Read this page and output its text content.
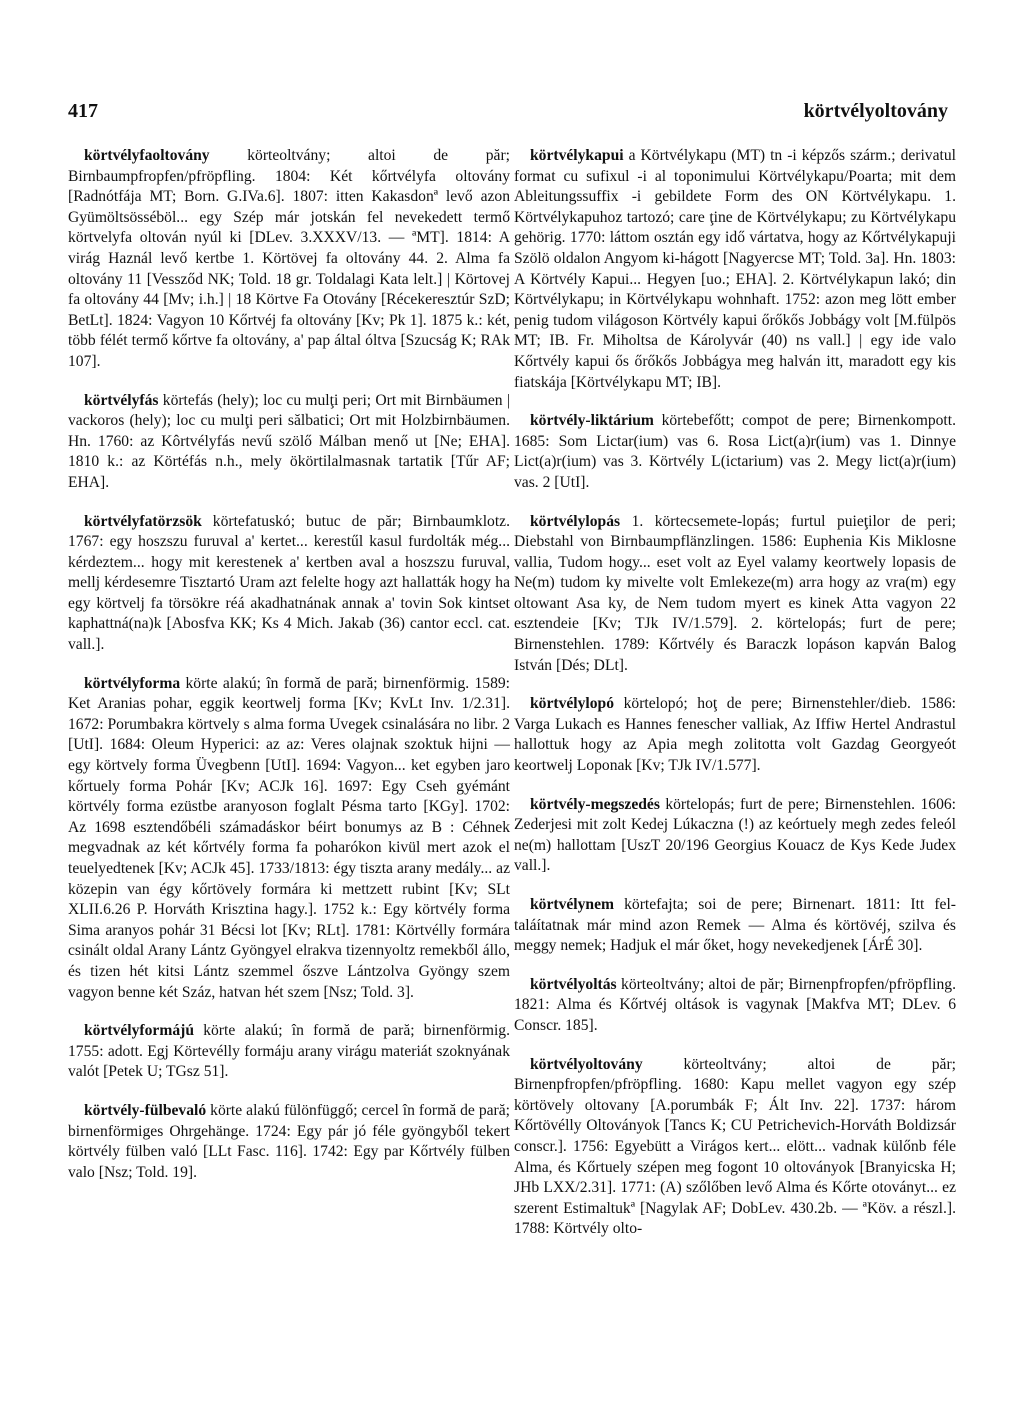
417	körtvélyoltovány

körtvélyfaoltovány körteoltvány; altoi de păr; Birnbaumpfropfen/pfröpfling. 1804: Két kőrtvélyfa oltovány [Radnótfája MT; Born. G.IVa.6]. 1807: itten Kakasdonª levő azon Gyümöltsösséböl... egy Szép már jotskán fel nevekedett termő körtvelyfa oltován nyúl ki [DLev. 3.XXXV/13. — ªMT]. 1814: A virág Haznál levő kertbe 1. Körtövej fa oltovány 44. 2. Alma fa oltovány 11 [Vessződ NK; Told. 18 gr. Toldalagi Kata lelt.] | Körtovej fa oltovány 44 [Mv; i.h.] | 18 Körtve Fa Otovány [Récekeresztúr SzD; BetLt]. 1824: Vagyon 10 Kőrtvéj fa oltovány [Kv; Pk 1]. 1875 k.: két, több félét termő kőrtve fa oltovány, a' pap által óltva [Szucság K; RAk 107].

körtvélyfás körtefás (hely); loc cu mulţi peri; Ort mit Birnbäumen | vackoros (hely); loc cu mulţi peri sălbatici; Ort mit Holzbirnbäumen. Hn. 1760: az Kôrtvélyfás nevű szölő Málban menő ut [Ne; EHA]. 1810 k.: az Körtéfás n.h., mely ökörtilalmasnak tartatik [Tűr AF; EHA].

körtvélyfatörzsök körtefatuskó; butuc de păr; Birnbaumklotz. 1767: egy hoszszu furuval a' kertet... kerestűl kasul furdolták még... kérdeztem... hogy mit kerestenek a' kertben aval a hoszszu furuval, mellj kérdesemre Tisztartó Uram azt felelte hogy azt hallatták hogy ha egy körtvelj fa törsökre réá akadhatnának annak a' tovin Sok kintset kaphattná(na)k [Abosfva KK; Ks 4 Mich. Jakab (36) cantor eccl. cat. vall.].

körtvélyforma körte alakú; în formă de pară; birnenförmig. 1589: Ket Aranias pohar, eggik keortwelj forma [Kv; KvLt Inv. 1/2.31]. 1672: Porumbakra körtvely s alma forma Uvegek csinalására no libr. 2 [UtI]. 1684: Oleum Hyperici: az az: Veres olajnak szoktuk hijni — egy körtvely forma Üvegbenn [UtI]. 1694: Vagyon... ket egyben jaro kőrtuely forma Pohár [Kv; ACJk 16]. 1697: Egy Cseh gyémánt körtvély forma ezüstbe aranyoson foglalt Pésma tarto [KGy]. 1702: Az 1698 esztendőbéli számadáskor béirt bonumys az B : Céhnek megvadnak az két kőrtvély forma fa poharókon kivül mert azok el teuelyedtenek [Kv; ACJk 45]. 1733/1813: égy tiszta arany medály... az közepin van égy kőrtövely formára ki mettzett rubint [Kv; SLt XLII.6.26 P. Horváth Krisztina hagy.]. 1752 k.: Egy körtvély forma Sima aranyos pohár 31 Bécsi lot [Kv; RLt]. 1781: Körtvélly formára csinált oldal Arany Lántz Gyöngyel elrakva tizennyoltz remekből állo, és tizen hét kitsi Lántz szemmel őszve Lántzolva Gyöngy szem vagyon benne két Száz, hatvan hét szem [Nsz; Told. 3].

körtvélyformájú körte alakú; în formă de pară; birnenförmig. 1755: adott. Egj Körtevélly formáju arany virágu materiát szoknyának valót [Petek U; TGsz 51].

körtvély-fülbevaló körte alakú fülönfüggő; cercel în formă de pară; birnenförmiges Ohrgehänge. 1724: Egy pár jó féle gyöngyből tekert körtvély fülben való [LLt Fasc. 116]. 1742: Egy par Kőrtvély fülben valo [Nsz; Told. 19].

körtvélykapui a Körtvélykapu (MT) tn -i képzős szárm.; derivatul format cu sufixul -i al toponimului Körtvélykapu/Poarta; mit dem Ableitungssuffix -i gebildete Form des ON Körtvélykapu. 1. Körtvélykapuhoz tartozó; care ţine de Körtvélykapu; zu Körtvélykapu gehörig. 1770: láttom osztán egy idő vártatva, hogy az Kőrtvélykapuji Szölö oldalon Angyom ki-hágott [Nagyercse MT; Told. 3a]. Hn. 1803: A Körtvély Kapui... Hegyen [uo.; EHA]. 2. Körtvélykapun lakó; din Körtvélykapu; in Körtvélykapu wohnhaft. 1752: azon meg lött ember penig tudom világoson Körtvély kapui őrőkős Jobbágy volt [M.fülpös MT; IB. Fr. Miholtsa de Károlyvár (40) ns vall.] | egy ide valo Kőrtvély kapui ős őrőkős Jobbágya meg halván itt, maradott egy kis fiatskája [Körtvélykapu MT; IB].

körtvély-liktárium körtebefőtt; compot de pere; Birnenkompott. 1685: Som Lictar(ium) vas 6. Rosa Lict(a)r(ium) vas 1. Dinnye Lict(a)r(ium) vas 3. Körtvély L(ictarium) vas 2. Megy lict(a)r(ium) vas. 2 [UtI].

körtvélylopás 1. körtecsemete-lopás; furtul puieţilor de peri; Diebstahl von Birnbaumpflänzlingen. 1586: Euphenia Kis Miklosne vallia, Tudom hogy... eset volt az Eyel valamy keortwely lopasis de Ne(m) tudom ky mivelte volt Emlekeze(m) arra hogy az vra(m) egy oltowant Asa ky, de Nem tudom myert es kinek Atta vagyon 22 esztendeie [Kv; TJk IV/1.579]. 2. körtelopás; furt de pere; Birnenstehlen. 1789: Kőrtvély és Baraczk lopáson kapván Balog István [Dés; DLt].

körtvélylopó körtelopó; hoţ de pere; Birnenstehler/dieb. 1586: Varga Lukach es Hannes fenescher valliak, Az Iffiw Hertel Andrastul hallottuk hogy az Apia megh zolitotta volt Gazdag Georgyeót keortwelj Loponak [Kv; TJk IV/1.577].

körtvély-megszedés körtelopás; furt de pere; Birnenstehlen. 1606: Zederjesi mit zolt Kedej Lúkaczna (!) az keórtuely megh zedes feleól ne(m) hallottam [UszT 20/196 Georgius Kouacz de Kys Kede Judex vall.].

körtvélynem körtefajta; soi de pere; Birnenart. 1811: Itt fel-taláítatnak már mind azon Remek — Alma és körtövéj, szilva és meggy nemek; Hadjuk el már őket, hogy nevekedjenek [ÁrÉ 30].

körtvélyoltás körteoltvány; altoi de păr; Birnenpfropfen/pfröpfling. 1821: Alma és Kőrtvéj oltások is vagynak [Makfva MT; DLev. 6 Conscr. 185].

körtvélyoltovány	körteoltvány; altoi de păr; Birnenpfropfen/pfröpfling. 1680: Kapu mellet vagyon egy szép körtövely oltovany [A.porumbák F; Ált Inv. 22]. 1737: három Kőrtövélly Oltoványok [Tancs K; CU Petrichevich-Horváth Boldizsár conscr.]. 1756: Egyebütt a Virágos kert... elött... vadnak külőnb féle Alma, és Kőrtuely szépen meg fogont 10 oltoványok [Branyicska H; JHb LXX/2.31]. 1771: (A) szőlőben levő Alma és Kőrte otoványt... ez szerent Estimaltukª [Nagylak AF; DobLev. 430.2b. — ªKöv. a részl.]. 1788: Körtvély olto-
